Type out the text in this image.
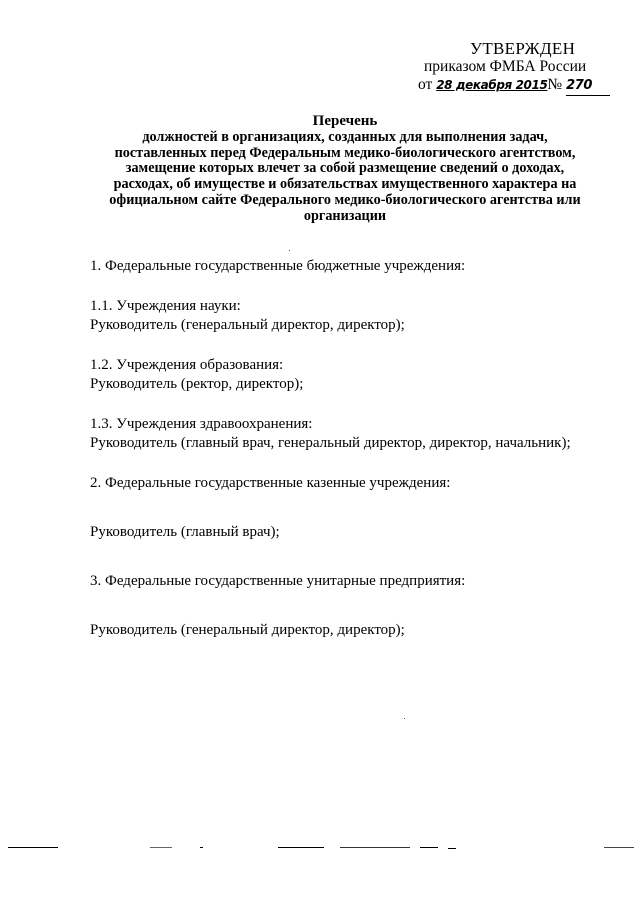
УТВЕРЖДЕН
приказом ФМБА России
от 28 декабря 2015№ 270
Перечень
должностей в организациях, созданных для выполнения задач,
поставленных перед Федеральным медико-биологического агентством,
замещение которых влечет за собой размещение сведений о доходах,
расходах, об имуществе и обязательствах имущественного характера на
официальном сайте Федерального медико-биологического агентства или
организации

1. Федеральные государственные бюджетные учреждения:

1.1. Учреждения науки:

Руководитель (генеральный директор, директор);

1.2. Учреждения образования:

Руководитель (ректор, директор);

1.3. Учреждения здравоохранения:

Руководитель (главный врач, генеральный директор, директор, начальник);

2. Федеральные государственные казенные учреждения:

Руководитель (главный врач);

3. Федеральные государственные унитарные предприятия:

Руководитель (генеральный директор, директор);
